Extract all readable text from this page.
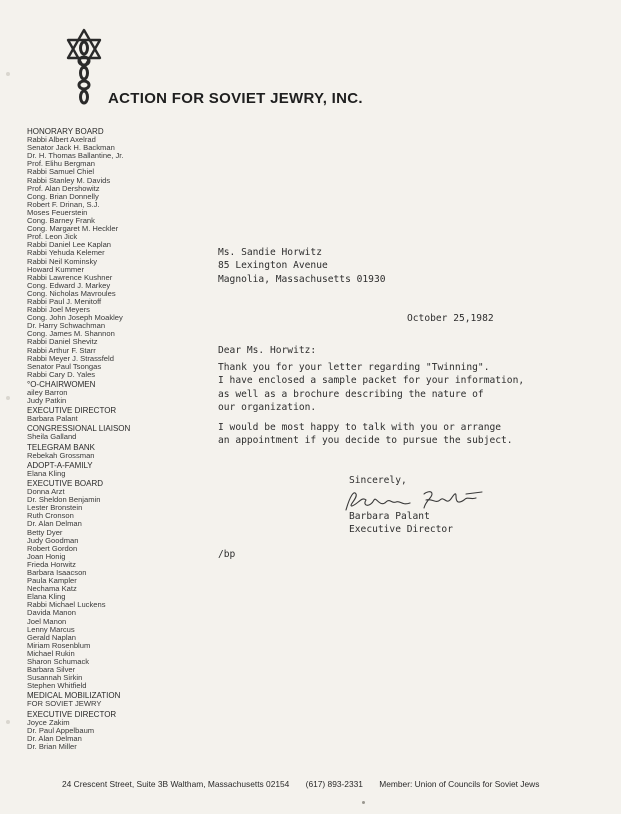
ACTION FOR SOVIET JEWRY, INC.
HONORARY BOARD
Rabbi Albert Axelrad
Senator Jack H. Backman
Dr. H. Thomas Ballantine, Jr.
Prof. Elihu Bergman
Rabbi Samuel Chiel
Rabbi Stanley M. Davids
Prof. Alan Dershowitz
Cong. Brian Donnelly
Robert F. Drinan, S.J.
Moses Feuerstein
Cong. Barney Frank
Cong. Margaret M. Heckler
Prof. Leon Jick
Rabbi Daniel Lee Kaplan
Rabbi Yehuda Kelemer
Rabbi Neil Kominsky
Howard Kummer
Rabbi Lawrence Kushner
Cong. Edward J. Markey
Cong. Nicholas Mavroules
Rabbi Paul J. Menitoff
Rabbi Joel Meyers
Cong. John Joseph Moakley
Dr. Harry Schwachman
Cong. James M. Shannon
Rabbi Daniel Shevitz
Rabbi Arthur F. Starr
Rabbi Meyer J. Strassfeld
Senator Paul Tsongas
Rabbi Cary D. Yales
°O-CHAIRWOMEN
ailey Barron
Judy Patkin
EXECUTIVE DIRECTOR
Barbara Palant
CONGRESSIONAL LIAISON
Sheila Galland
TELEGRAM BANK
Rebekah Grossman
ADOPT-A-FAMILY
Elana Kling
EXECUTIVE BOARD
Donna Arzt
Dr. Sheldon Benjamin
Lester Bronstein
Ruth Cronson
Dr. Alan Delman
Betty Dyer
Judy Goodman
Robert Gordon
Joan Honig
Frieda Horwitz
Barbara Isaacson
Paula Kampler
Nechama Katz
Elana Kling
Rabbi Michael Luckens
Davida Manon
Joel Manon
Lenny Marcus
Gerald Naplan
Miriam Rosenblum
Michael Rukin
Sharon Schumack
Barbara Silver
Susannah Sirkin
Stephen Whitfield
MEDICAL MOBILIZATION
FOR SOVIET JEWRY
EXECUTIVE DIRECTOR
Joyce Zakim
Dr. Paul Appelbaum
Dr. Alan Delman
Dr. Brian Miller
Ms. Sandie Horwitz
85 Lexington Avenue
Magnolia, Massachusetts 01930
October 25,1982
Dear Ms. Horwitz:
Thank you for your letter regarding "Twinning".
I have enclosed a sample packet for your information,
as well as a brochure describing the nature of
our organization.
I would be most happy to talk with you or arrange
an appointment if you decide to pursue the subject.
Sincerely,
Barbara Palant
Executive Director
/bp
24 Crescent Street, Suite 3B Waltham, Massachusetts 02154 (617) 893-2331 Member: Union of Councils for Soviet Jews
